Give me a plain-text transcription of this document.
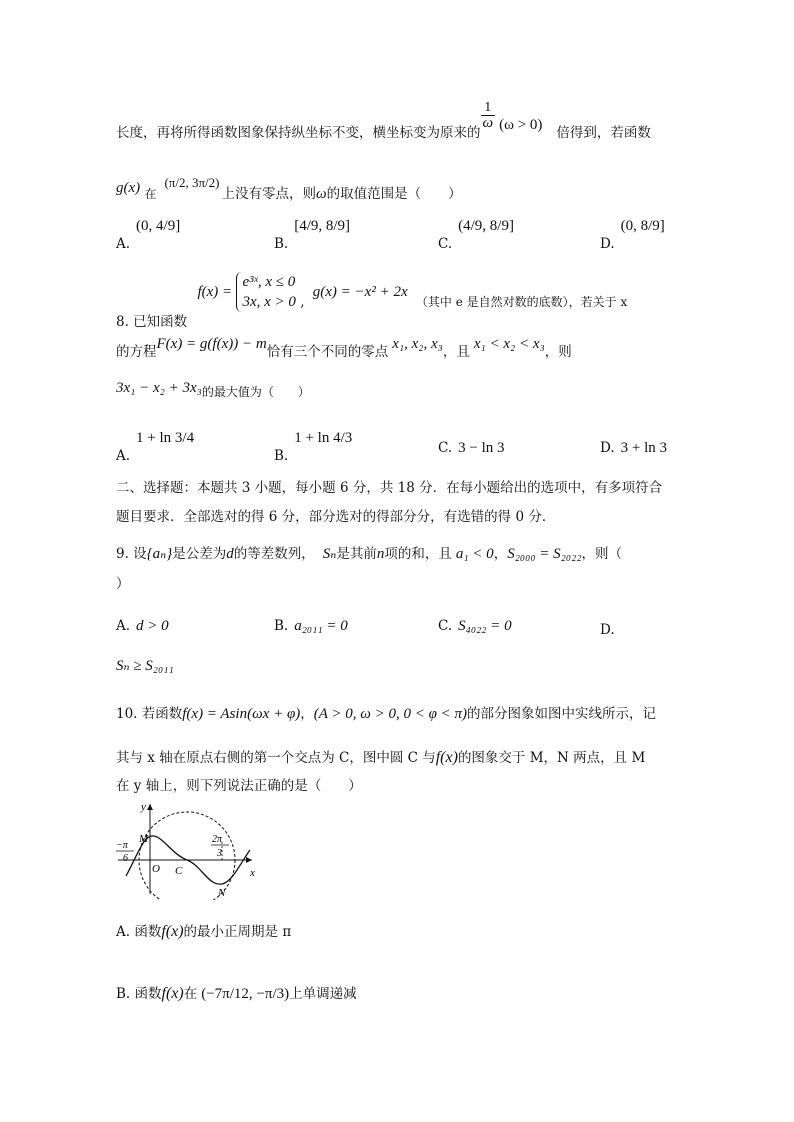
长度，再将所得函数图象保持纵坐标不变，横坐标变为原来的
$\frac{1}{\omega} (\omega > 0)$ 倍得到，若函数
g(x) 在
(π/2, 3π/2)
上没有零点，则ω的取值范围是（　　）
A.(0, 4/9]
B.[4/9, 8/9]
C.(4/9, 8/9]
D.(0, 8/9]
8. 已知函数 f(x) =
e³ˣ, x ≤ 0
3x, x > 0 , g(x) = −x² + 2x （其中 e 是自然对数的底数），若关于 x
的方程F(x) = g(f(x)) − m恰有三个不同的零点 x₁, x₂, x₃，且 x₁ < x₂ < x₃，则
3x₁ − x₂ + 3x₃的最大值为（　　）
A.1 + ln 3/4
B.1 + ln 4/3
C. 3 − ln 3	D. 3 + ln 3
二、选择题：本题共 3 小题，每小题 6 分，共 18 分．在每小题给出的选项中，有多项符合
题目要求．全部选对的得 6 分，部分选对的得部分分，有选错的得 0 分．
9. 设{aₙ}是公差为d的等差数列， Sₙ是其前n项的和，且 a₁ < 0，S₂₀₀₀ = S₂₀₂₂，则（
）
A. d > 0	B. a₂₀₁₁ = 0	C. S₄₀₂₂ = 0	D.
Sₙ ≥ S₂₀₁₁
10. 若函数f(x) = Asin(ωx + φ)，(A > 0, ω > 0, 0 < φ < π)的部分图象如图中实线所示，记
其与 x 轴在原点右侧的第一个交点为 C，图中圆 C 与f(x)的图象交于 M，N 两点，且 M
在 y 轴上，则下列说法正确的是（　　）
y
x
O
M
N
C
−π
6
2π
3
A. 函数f(x)的最小正周期是 π
B. 函数f(x)在 (−7π/12, −π/3)上单调递减
